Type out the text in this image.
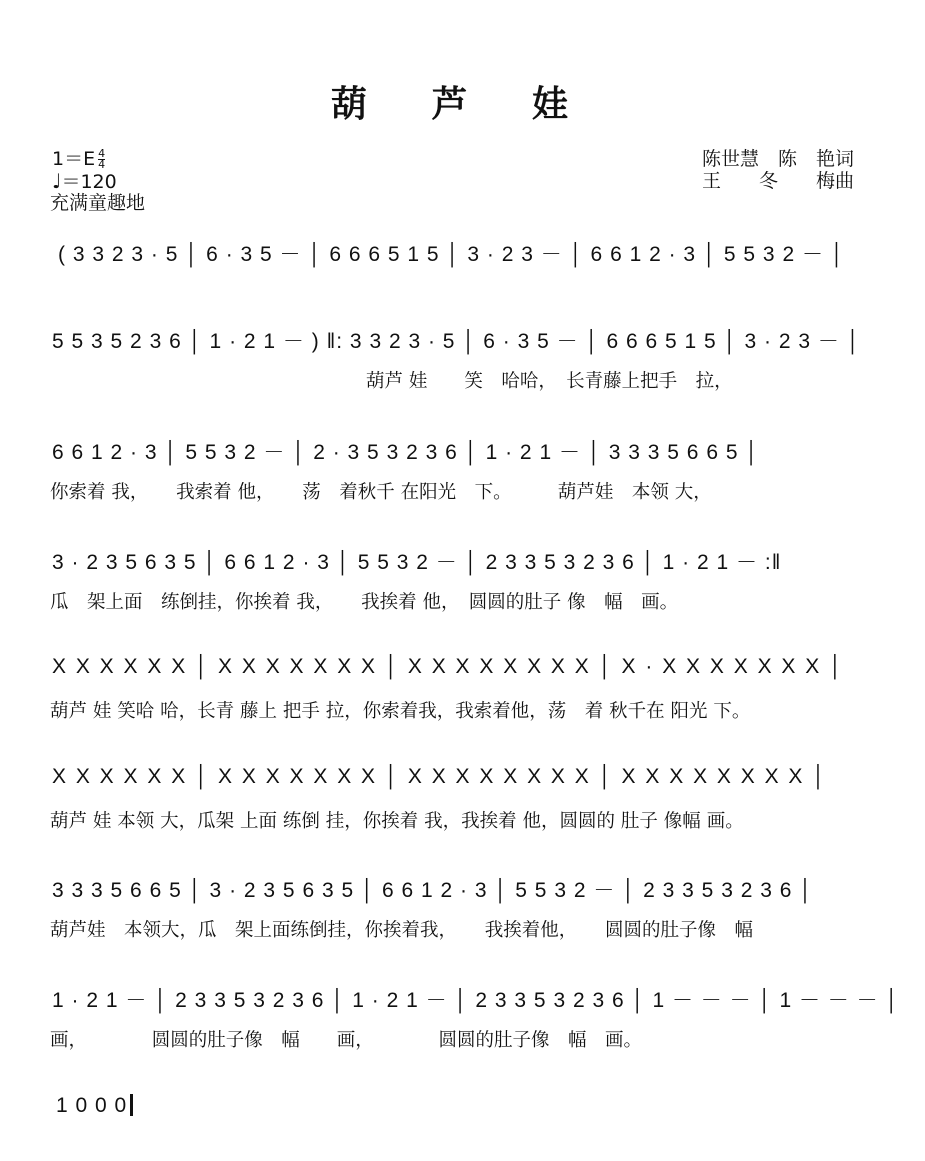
葫 芦 娃
$1=E \frac{4}{4}$
♩＝120
充满童趣地
陈世慧　陈　艳词
王　　冬　　梅曲
( 3 3 2 3 · 5 │ 6 · 3 5 － │ 6 6 6 5 1 5 │ 3 · 2 3 － │ 6 6 1 2 · 3 │ 5 5 3 2 － │
5 5 3 5 2 3 6 │ 1 · 2 1 － ) ‖: 3 3 2 3 · 5 │ 6 · 3 5 － │ 6 6 6 5 1 5 │ 3 · 2 3 － │
葫芦 娃　　笑　哈哈，　长青藤上把手　拉，
6 6 1 2 · 3 │ 5 5 3 2 － │ 2 · 3 5 3 2 3 6 │ 1 · 2 1 － │ 3 3 3 5 6 6 5 │
你索着 我，　　我索着 他，　　荡　着秋千 在阳光　下。　　　葫芦娃　本领 大，
3 · 2 3 5 6 3 5 │ 6 6 1 2 · 3 │ 5 5 3 2 － │ 2 3 3 5 3 2 3 6 │ 1 · 2 1 － :‖
瓜　架上面　练倒挂，你挨着 我，　　我挨着 他，　圆圆的肚子 像　幅　画。
X X X X X X │ X X X X X X X │ X X X X X X X X │ X · X X X X X X X │
葫芦 娃 笑哈 哈，长青 藤上 把手 拉，你索着我，我索着他，荡　着 秋千在 阳光 下。
X X X X X X │ X X X X X X X │ X X X X X X X X │ X X X X X X X X │
葫芦 娃 本领 大，瓜架 上面 练倒 挂，你挨着 我，我挨着 他，圆圆的 肚子 像幅 画。
3 3 3 5 6 6 5 │ 3 · 2 3 5 6 3 5 │ 6 6 1 2 · 3 │ 5 5 3 2 － │ 2 3 3 5 3 2 3 6 │
葫芦娃　本领大，瓜　架上面练倒挂，你挨着我，　　我挨着他，　　圆圆的肚子像　幅
1 · 2 1 － │ 2 3 3 5 3 2 3 6 │ 1 · 2 1 － │ 2 3 3 5 3 2 3 6 │ 1 － － － │ 1 － － － │
画，　　　　圆圆的肚子像　幅　　画，　　　　圆圆的肚子像　幅　画。
1 0 0 0
